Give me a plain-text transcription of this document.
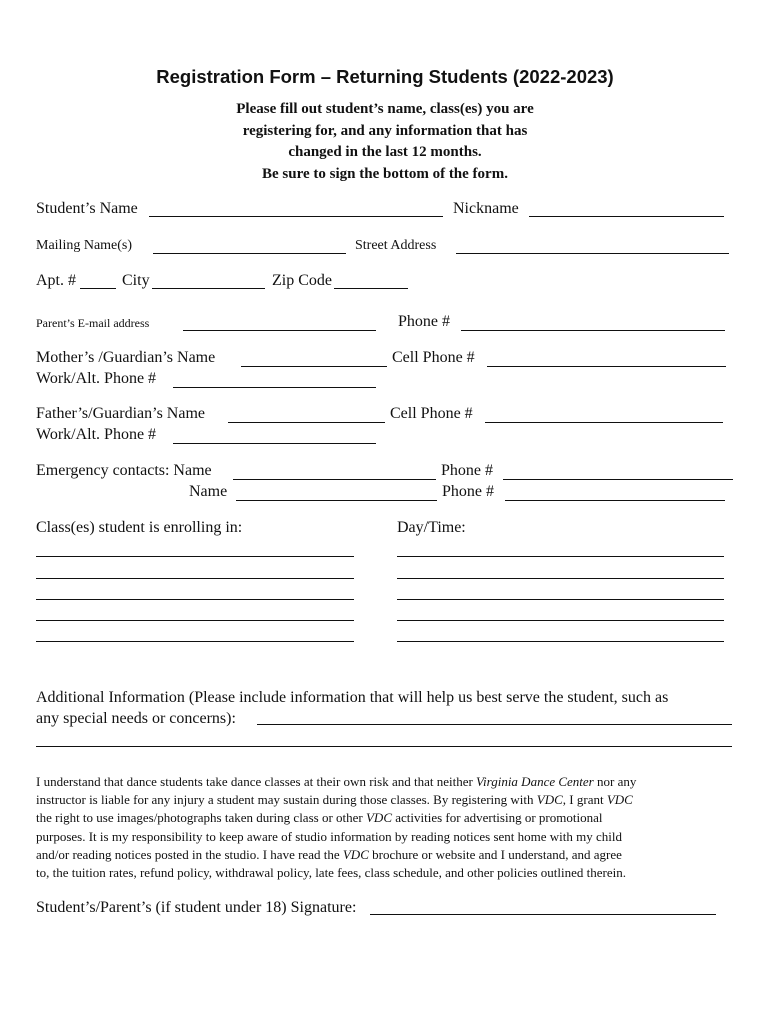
Registration Form – Returning Students (2022-2023)
Please fill out student’s name, class(es) you are
registering for, and any information that has
changed in the last 12 months.
Be sure to sign the bottom of the form.
Student’s Name	Nickname
Mailing Name(s)	Street Address
Apt. #	City	Zip Code
Parent’s E-mail address	Phone #
Mother’s /Guardian’s Name	Cell Phone #
Work/Alt. Phone #
Father’s/Guardian’s Name	Cell Phone #
Work/Alt. Phone #
Emergency contacts: Name	Phone #
Name	Phone #
Class(es) student is enrolling in:	Day/Time:
Additional Information (Please include information that will help us best serve the student, such as
any special needs or concerns):
I understand that dance students take dance classes at their own risk and that neither Virginia Dance Center nor any
instructor is liable for any injury a student may sustain during those classes. By registering with VDC, I grant VDC
the right to use images/photographs taken during class or other VDC activities for advertising or promotional
purposes. It is my responsibility to keep aware of studio information by reading notices sent home with my child
and/or reading notices posted in the studio. I have read the VDC brochure or website and I understand, and agree
to, the tuition rates, refund policy, withdrawal policy, late fees, class schedule, and other policies outlined therein.
Student’s/Parent’s (if student under 18) Signature:
